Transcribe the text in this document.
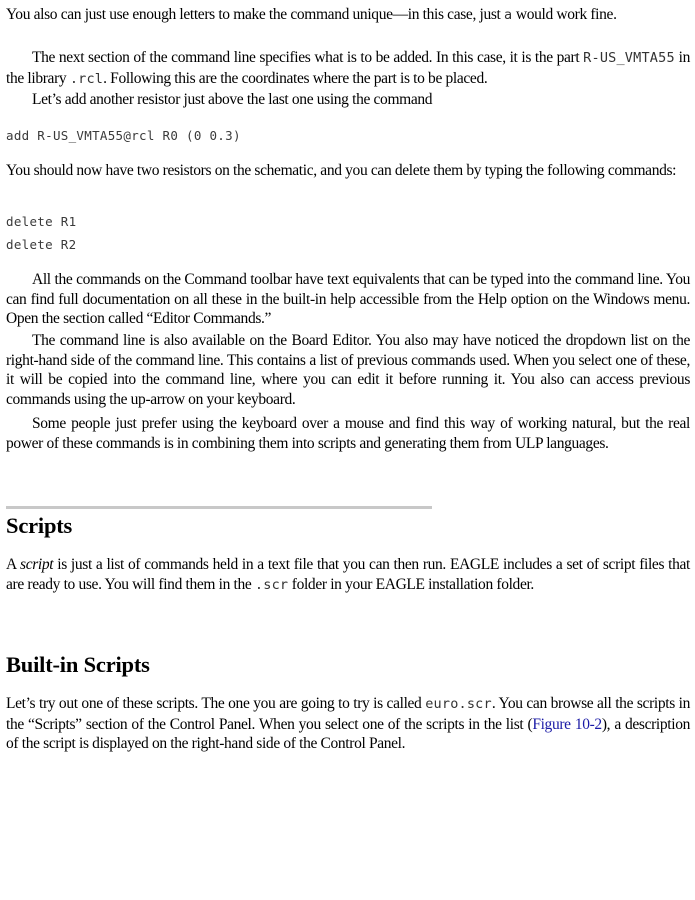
You also can just use enough letters to make the command unique—in this case, just a would work fine.

The next section of the command line specifies what is to be added. In this case, it is the part R-US_VMTA55 in the library .rcl. Following this are the coordinates where the part is to be placed.

Let’s add another resistor just above the last one using the command

add R-US_VMTA55@rcl R0 (0 0.3)

You should now have two resistors on the schematic, and you can delete them by typing the following commands:

delete R1
delete R2

All the commands on the Command toolbar have text equivalents that can be typed into the command line. You can find full documentation on all these in the built-in help accessible from the Help option on the Windows menu. Open the section called “Editor Commands.”

The command line is also available on the Board Editor. You also may have noticed the dropdown list on the right-hand side of the command line. This contains a list of previous commands used. When you select one of these, it will be copied into the command line, where you can edit it before running it. You also can access previous commands using the up-arrow on your keyboard.

Some people just prefer using the keyboard over a mouse and find this way of working natural, but the real power of these commands is in combining them into scripts and generating them from ULP languages.

Scripts

A script is just a list of commands held in a text file that you can then run. EAGLE includes a set of script files that are ready to use. You will find them in the .scr folder in your EAGLE installation folder.

Built-in Scripts

Let’s try out one of these scripts. The one you are going to try is called euro.scr. You can browse all the scripts in the “Scripts” section of the Control Panel. When you select one of the scripts in the list (Figure 10-2), a description of the script is displayed on the right-hand side of the Control Panel.
